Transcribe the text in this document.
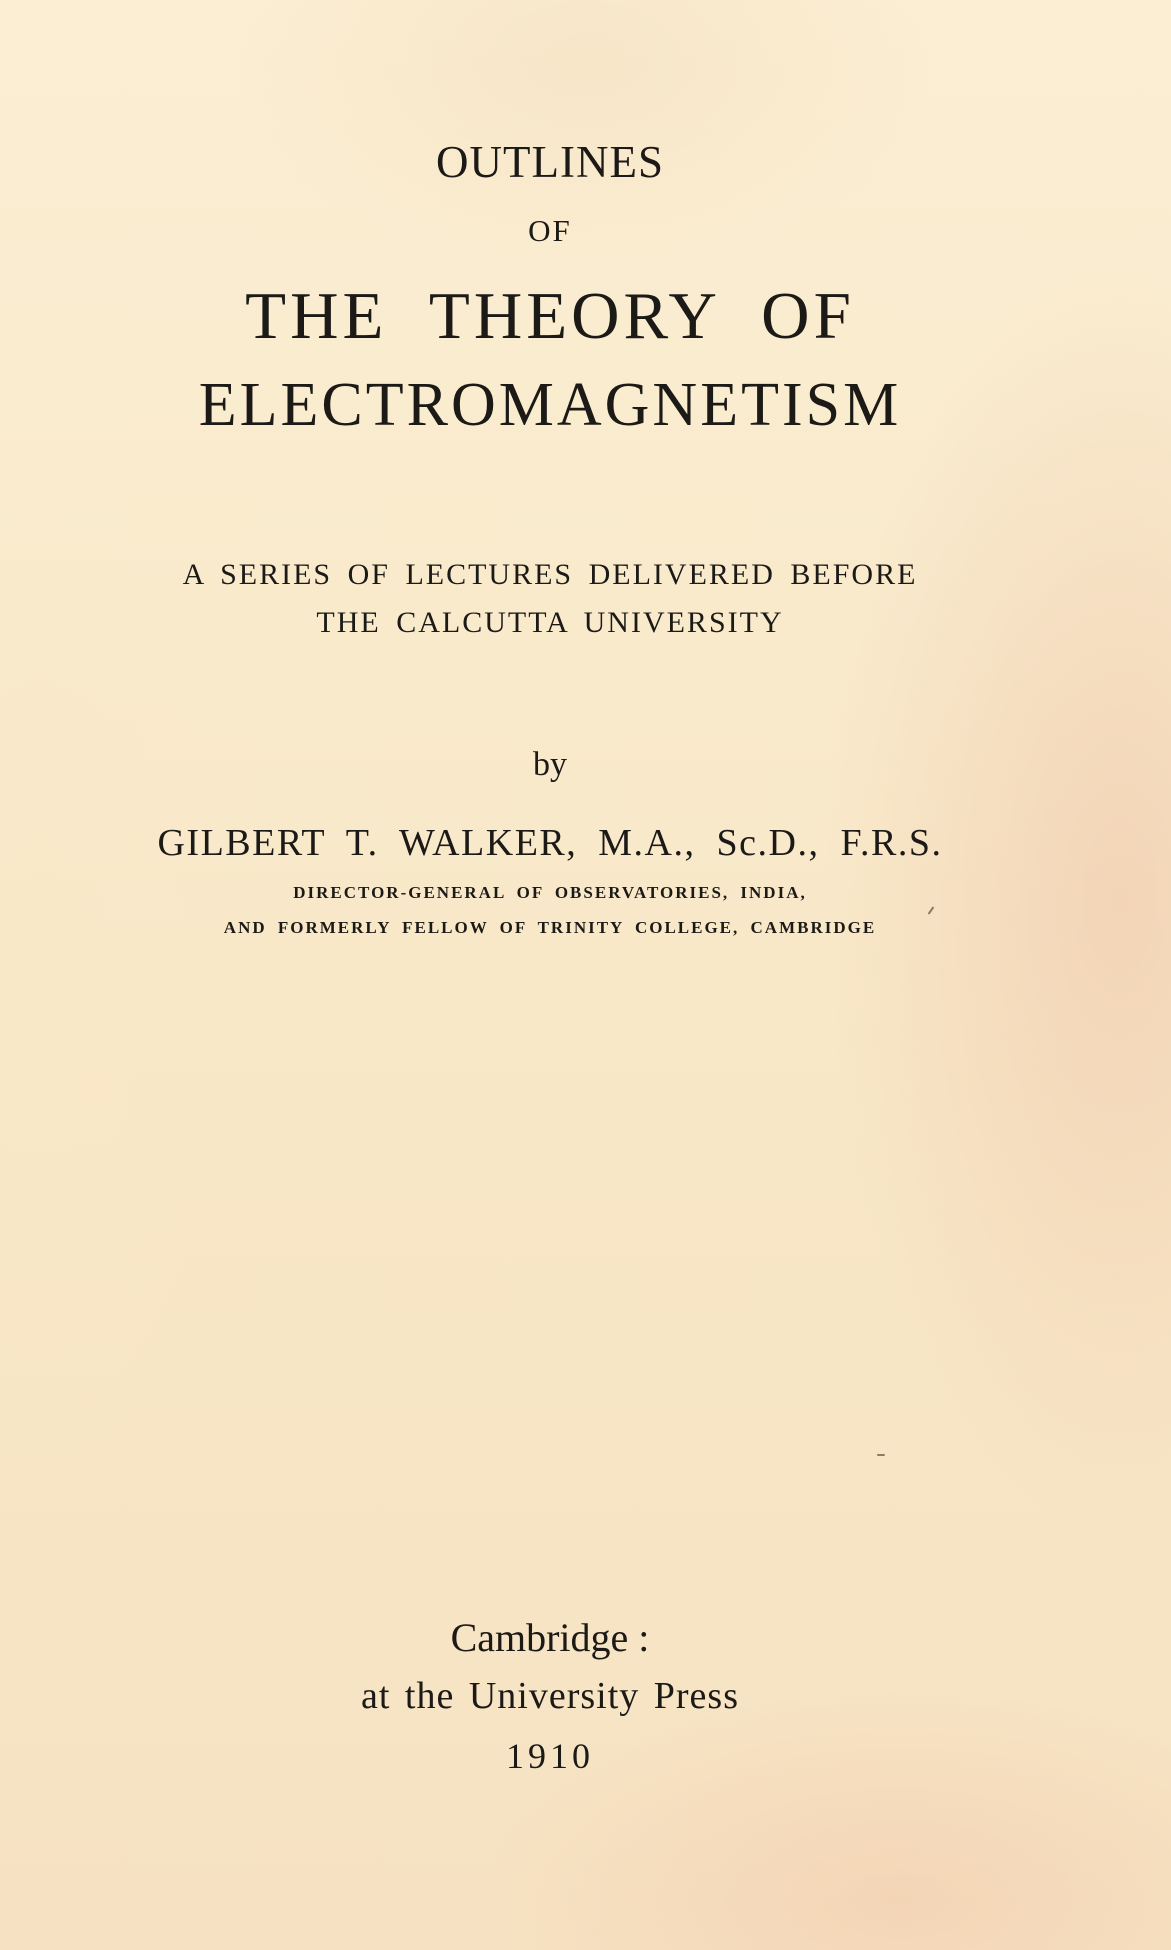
OUTLINES
OF
THE THEORY OF
ELECTROMAGNETISM
A SERIES OF LECTURES DELIVERED BEFORE
THE CALCUTTA UNIVERSITY
by
GILBERT T. WALKER, M.A., Sc.D., F.R.S.
DIRECTOR-GENERAL OF OBSERVATORIES, INDIA,
AND FORMERLY FELLOW OF TRINITY COLLEGE, CAMBRIDGE
Cambridge :
at the University Press
1910
